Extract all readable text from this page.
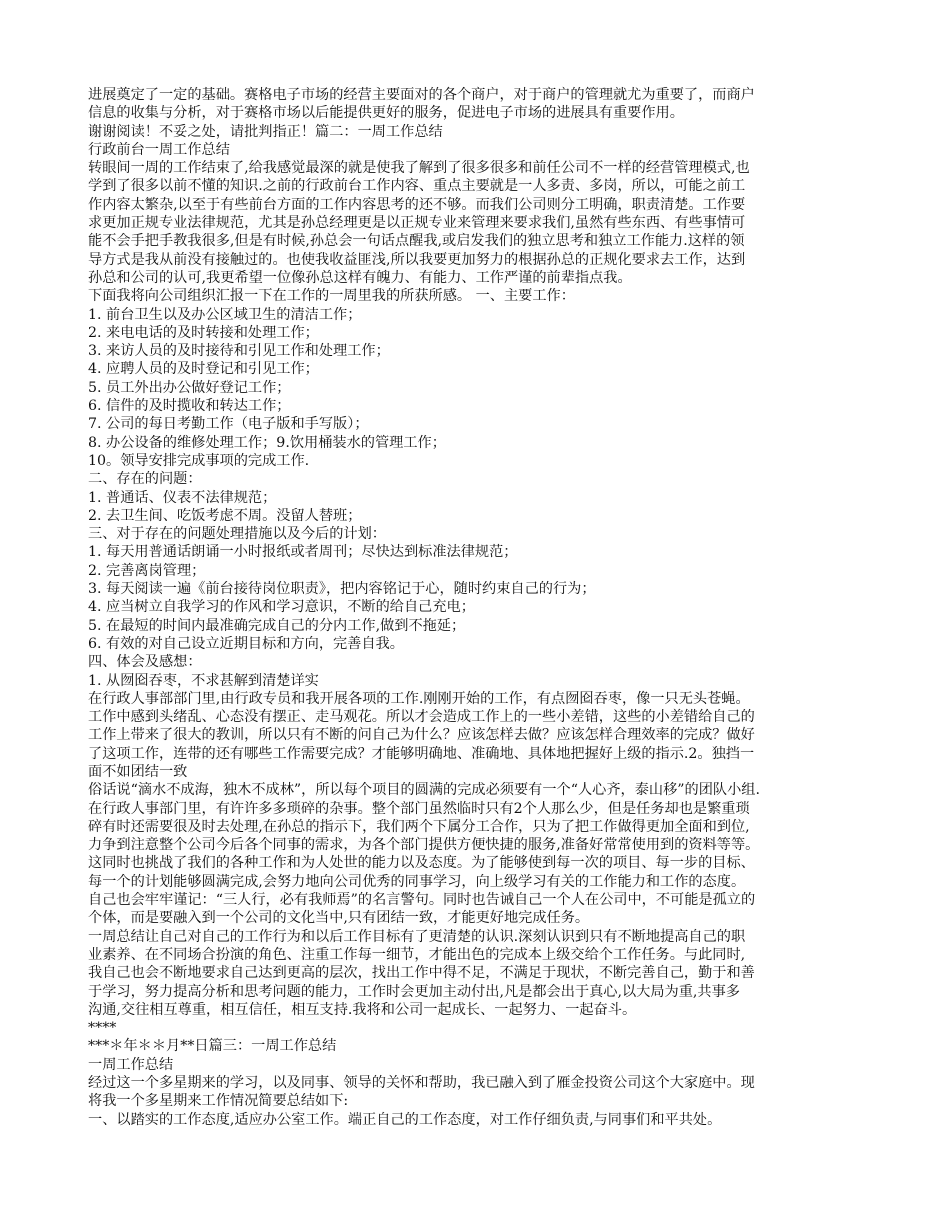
进展奠定了一定的基础。赛格电子市场的经营主要面对的各个商户，对于商户的管理就尤为重要了，而商户
信息的收集与分析，对于赛格市场以后能提供更好的服务，促进电子市场的进展具有重要作用。
谢谢阅读！不妥之处，请批判指正！篇二：一周工作总结
行政前台一周工作总结
转眼间一周的工作结束了,给我感觉最深的就是使我了解到了很多很多和前任公司不一样的经营管理模式,也
学到了很多以前不懂的知识.之前的行政前台工作内容、重点主要就是一人多责、多岗，所以，可能之前工
作内容太繁杂,以至于有些前台方面的工作内容思考的还不够。而我们公司则分工明确，职责清楚。工作要
求更加正规专业法律规范，尤其是孙总经理更是以正规专业来管理来要求我们,虽然有些东西、有些事情可
能不会手把手教我很多,但是有时候,孙总会一句话点醒我,或启发我们的独立思考和独立工作能力.这样的领
导方式是我从前没有接触过的。也使我收益匪浅,所以我要更加努力的根据孙总的正规化要求去工作，达到
孙总和公司的认可,我更希望一位像孙总这样有魄力、有能力、工作严谨的前辈指点我。
下面我将向公司组织汇报一下在工作的一周里我的所获所感。 一、主要工作：
1. 前台卫生以及办公区域卫生的清洁工作；
2. 来电电话的及时转接和处理工作；
3. 来访人员的及时接待和引见工作和处理工作；
4. 应聘人员的及时登记和引见工作；
5. 员工外出办公做好登记工作；
6. 信件的及时揽收和转达工作；
7. 公司的每日考勤工作（电子版和手写版）；
8. 办公设备的维修处理工作；9.饮用桶装水的管理工作；
10。领导安排完成事项的完成工作.
二、存在的问题：
1. 普通话、仪表不法律规范；
2. 去卫生间、吃饭考虑不周。没留人替班；
三、对于存在的问题处理措施以及今后的计划：
1. 每天用普通话朗诵一小时报纸或者周刊；尽快达到标准法律规范；
2. 完善离岗管理；
3. 每天阅读一遍《前台接待岗位职责》，把内容铭记于心，随时约束自己的行为；
4. 应当树立自我学习的作风和学习意识，不断的给自己充电；
5. 在最短的时间内最准确完成自己的分内工作,做到不拖延；
6. 有效的对自己设立近期目标和方向，完善自我。
四、体会及感想：
1. 从囫囵吞枣，不求甚解到清楚详实
在行政人事部部门里,由行政专员和我开展各项的工作.刚刚开始的工作，有点囫囵吞枣，像一只无头苍蝇。
工作中感到头绪乱、心态没有摆正、走马观花。所以才会造成工作上的一些小差错，这些的小差错给自己的
工作上带来了很大的教训，所以只有不断的问自己为什么？应该怎样去做？应该怎样合理效率的完成？做好
了这项工作，连带的还有哪些工作需要完成？才能够明确地、准确地、具体地把握好上级的指示.2。独挡一
面不如团结一致
俗话说“滴水不成海，独木不成林”，所以每个项目的圆满的完成必须要有一个“人心齐，泰山移”的团队小组.
在行政人事部门里，有许许多多琐碎的杂事。整个部门虽然临时只有2个人那么少，但是任务却也是繁重琐
碎有时还需要很及时去处理,在孙总的指示下，我们两个下属分工合作，只为了把工作做得更加全面和到位,
力争到注意整个公司今后各个同事的需求，为各个部门提供方便快捷的服务,准备好常常使用到的资料等等。
这同时也挑战了我们的各种工作和为人处世的能力以及态度。为了能够使到每一次的项目、每一步的目标、
每一个的计划能够圆满完成,会努力地向公司优秀的同事学习，向上级学习有关的工作能力和工作的态度。
自己也会牢牢谨记：“三人行，必有我师焉”的名言警句。同时也告诫自己一个人在公司中，不可能是孤立的
个体，而是要融入到一个公司的文化当中,只有团结一致，才能更好地完成任务。
一周总结让自己对自己的工作行为和以后工作目标有了更清楚的认识.深刻认识到只有不断地提高自己的职
业素养、在不同场合扮演的角色、注重工作每一细节，才能出色的完成本上级交给个工作任务。与此同时,
我自己也会不断地要求自己达到更高的层次，找出工作中得不足，不满足于现状，不断完善自己，勤于和善
于学习，努力提高分析和思考问题的能力，工作时会更加主动付出,凡是都会出于真心,以大局为重,共事多
沟通,交往相互尊重，相互信任，相互支持.我将和公司一起成长、一起努力、一起奋斗。
****
***＊年＊＊月**日篇三：一周工作总结
一周工作总结
经过这一个多星期来的学习，以及同事、领导的关怀和帮助，我已融入到了雁金投资公司这个大家庭中。现
将我一个多星期来工作情况简要总结如下:
一、以踏实的工作态度,适应办公室工作。端正自己的工作态度，对工作仔细负责,与同事们和平共处。
